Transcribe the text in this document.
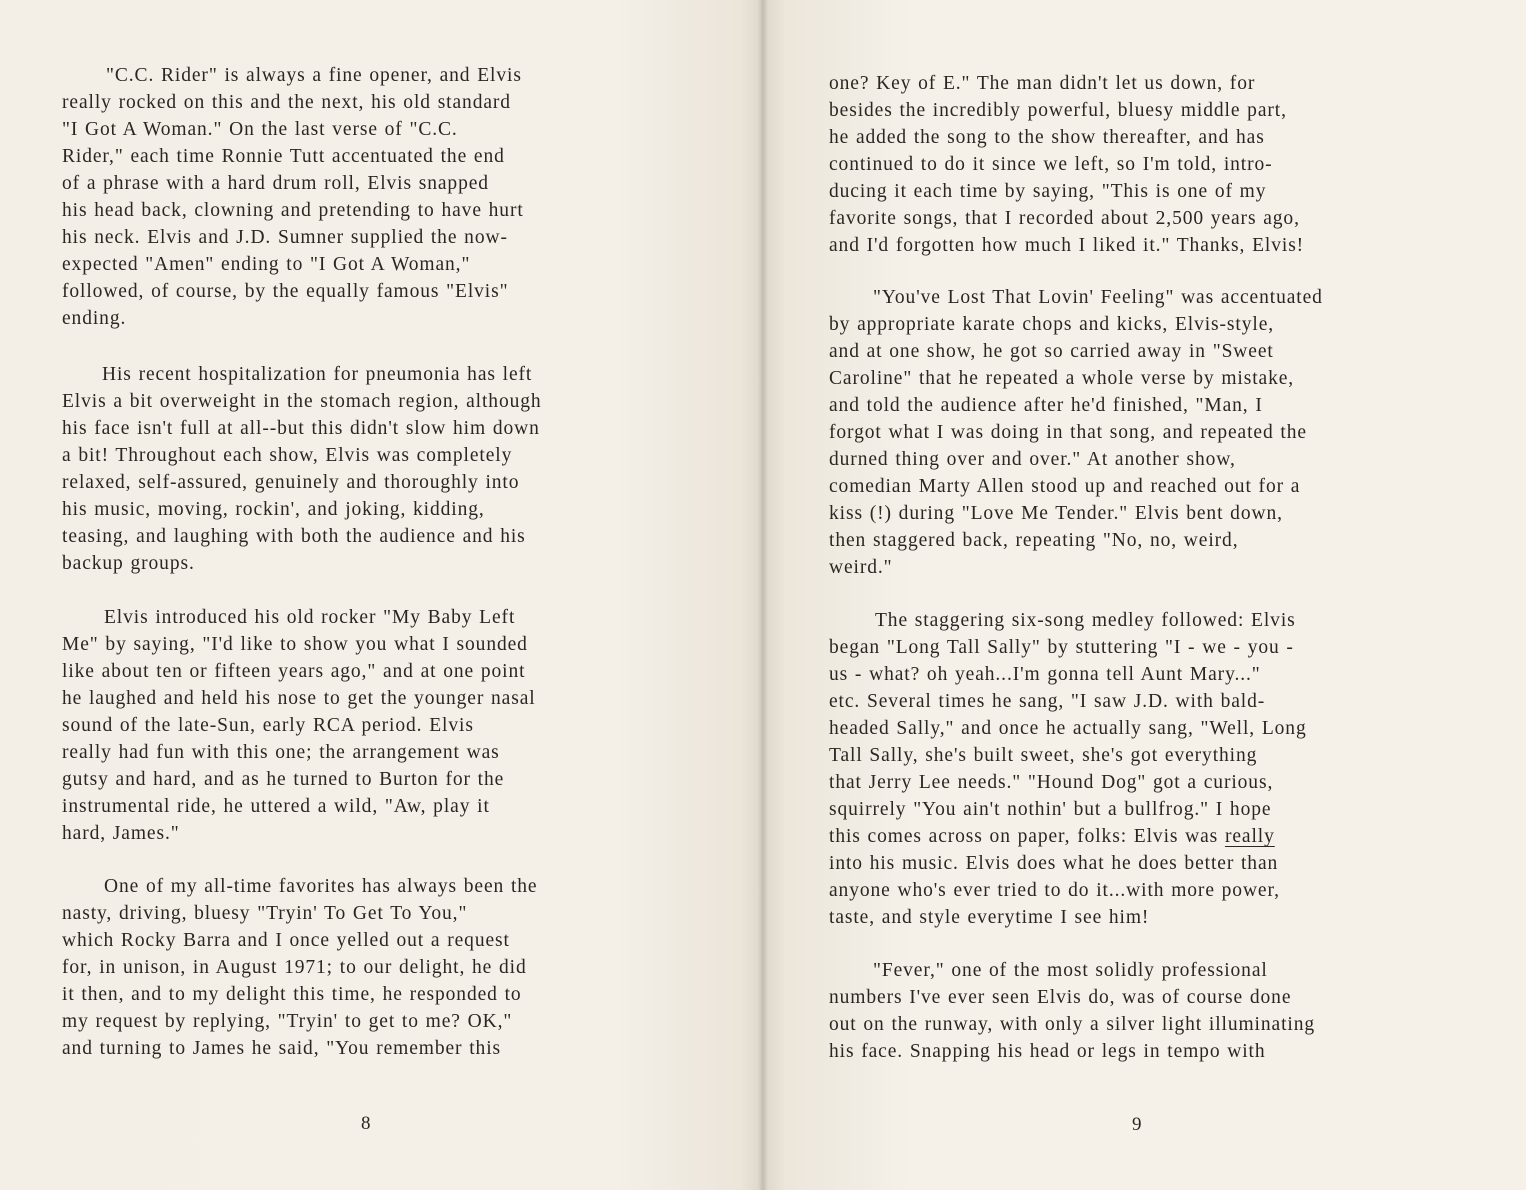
"C.C. Rider" is always a fine opener, and Elvis
really rocked on this and the next, his old standard
"I Got A Woman." On the last verse of "C.C.
Rider," each time Ronnie Tutt accentuated the end
of a phrase with a hard drum roll, Elvis snapped
his head back, clowning and pretending to have hurt
his neck. Elvis and J.D. Sumner supplied the now-
expected "Amen" ending to "I Got A Woman,"
followed, of course, by the equally famous "Elvis"
ending.

His recent hospitalization for pneumonia has left
Elvis a bit overweight in the stomach region, although
his face isn't full at all--but this didn't slow him down
a bit! Throughout each show, Elvis was completely
relaxed, self-assured, genuinely and thoroughly into
his music, moving, rockin', and joking, kidding,
teasing, and laughing with both the audience and his
backup groups.

Elvis introduced his old rocker "My Baby Left
Me" by saying, "I'd like to show you what I sounded
like about ten or fifteen years ago," and at one point
he laughed and held his nose to get the younger nasal
sound of the late-Sun, early RCA period. Elvis
really had fun with this one; the arrangement was
gutsy and hard, and as he turned to Burton for the
instrumental ride, he uttered a wild, "Aw, play it
hard, James."

One of my all-time favorites has always been the
nasty, driving, bluesy "Tryin' To Get To You,"
which Rocky Barra and I once yelled out a request
for, in unison, in August 1971; to our delight, he did
it then, and to my delight this time, he responded to
my request by replying, "Tryin' to get to me? OK,"
and turning to James he said, "You remember this

8

one? Key of E." The man didn't let us down, for
besides the incredibly powerful, bluesy middle part,
he added the song to the show thereafter, and has
continued to do it since we left, so I'm told, intro-
ducing it each time by saying, "This is one of my
favorite songs, that I recorded about 2,500 years ago,
and I'd forgotten how much I liked it." Thanks, Elvis!

"You've Lost That Lovin' Feeling" was accentuated
by appropriate karate chops and kicks, Elvis-style,
and at one show, he got so carried away in "Sweet
Caroline" that he repeated a whole verse by mistake,
and told the audience after he'd finished, "Man, I
forgot what I was doing in that song, and repeated the
durned thing over and over." At another show,
comedian Marty Allen stood up and reached out for a
kiss (!) during "Love Me Tender." Elvis bent down,
then staggered back, repeating "No, no, weird,
weird."

The staggering six-song medley followed: Elvis
began "Long Tall Sally" by stuttering "I - we - you -
us - what? oh yeah...I'm gonna tell Aunt Mary..."
etc. Several times he sang, "I saw J.D. with bald-
headed Sally," and once he actually sang, "Well, Long
Tall Sally, she's built sweet, she's got everything
that Jerry Lee needs." "Hound Dog" got a curious,
squirrely "You ain't nothin' but a bullfrog." I hope
this comes across on paper, folks: Elvis was really
into his music. Elvis does what he does better than
anyone who's ever tried to do it...with more power,
taste, and style everytime I see him!

"Fever," one of the most solidly professional
numbers I've ever seen Elvis do, was of course done
out on the runway, with only a silver light illuminating
his face. Snapping his head or legs in tempo with

9
